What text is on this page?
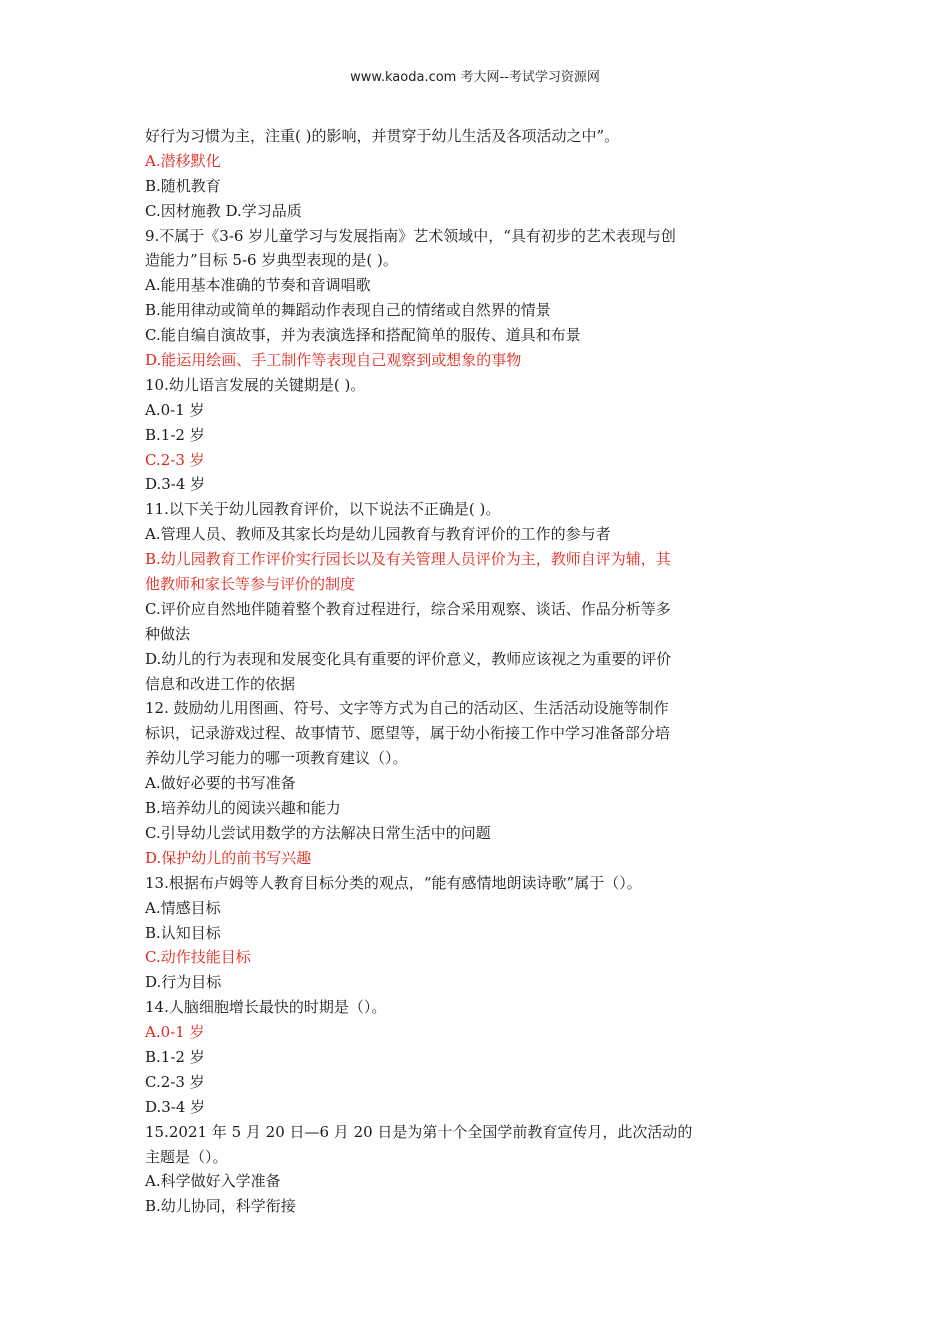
www.kaoda.com 考大网--考试学习资源网
好行为习惯为主，注重( )的影响，并贯穿于幼儿生活及各项活动之中”。
A.潜移默化
B.随机教育
C.因材施教 D.学习品质
9.不属于《3-6 岁儿童学习与发展指南》艺术领域中，“具有初步的艺术表现与创
造能力”目标 5-6 岁典型表现的是( )。
A.能用基本准确的节奏和音调唱歌
B.能用律动或简单的舞蹈动作表现自己的情绪或自然界的情景
C.能自编自演故事，并为表演选择和搭配简单的服传、道具和布景
D.能运用绘画、手工制作等表现自己观察到或想象的事物
10.幼儿语言发展的关键期是( )。
A.0-1 岁
B.1-2 岁
C.2-3 岁
D.3-4 岁
11.以下关于幼儿园教育评价，以下说法不正确是( )。
A.管理人员、教师及其家长均是幼儿园教育与教育评价的工作的参与者
B.幼儿园教育工作评价实行园长以及有关管理人员评价为主，教师自评为辅，其
他教师和家长等参与评价的制度
C.评价应自然地伴随着整个教育过程进行，综合采用观察、谈话、作品分析等多
种做法
D.幼儿的行为表现和发展变化具有重要的评价意义，教师应该视之为重要的评价
信息和改进工作的依据
12. 鼓励幼儿用图画、符号、文字等方式为自己的活动区、生活活动设施等制作
标识，记录游戏过程、故事情节、愿望等，属于幼小衔接工作中学习准备部分培
养幼儿学习能力的哪一项教育建议（）。
A.做好必要的书写准备
B.培养幼儿的阅读兴趣和能力
C.引导幼儿尝试用数学的方法解决日常生活中的问题
D.保护幼儿的前书写兴趣
13.根据布卢姆等人教育目标分类的观点，“能有感情地朗读诗歌”属于（）。
A.情感目标
B.认知目标
C.动作技能目标
D.行为目标
14.人脑细胞增长最快的时期是（）。
A.0-1 岁
B.1-2 岁
C.2-3 岁
D.3-4 岁
15.2021 年 5 月 20 日—6 月 20 日是为第十个全国学前教育宣传月，此次活动的
主题是（）。
A.科学做好入学准备
B.幼儿协同，科学衔接
